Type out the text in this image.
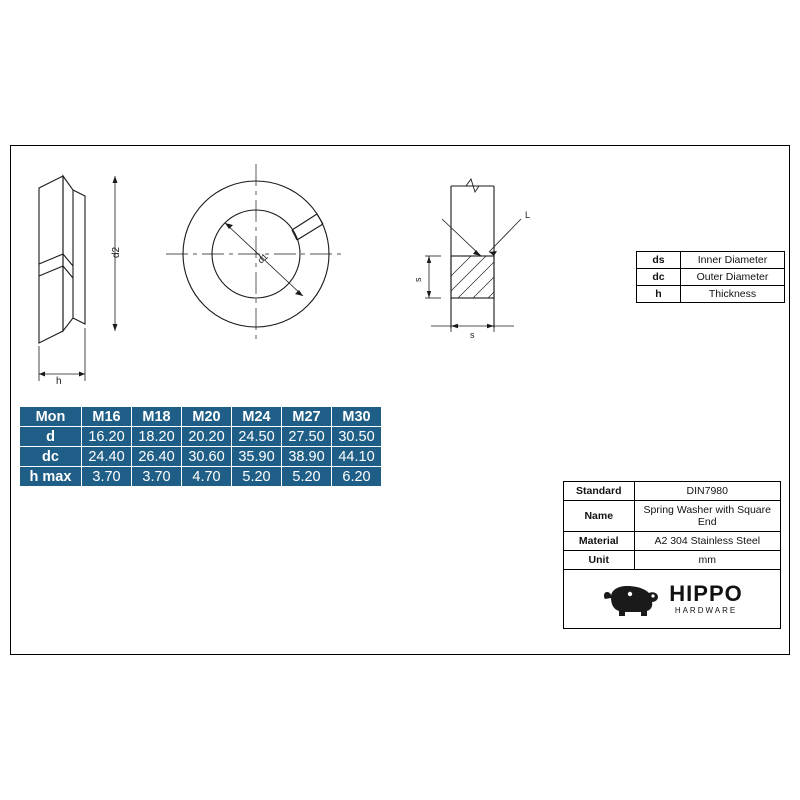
h
d2	d1
s
s
L
ds	Inner Diameter
dc	Outer Diameter
h	Thickness
Mon	M16	M18	M20	M24	M27	M30
d	16.20	18.20	20.20	24.50	27.50	30.50
dc	24.40	26.40	30.60	35.90	38.90	44.10
h max	3.70	3.70	4.70	5.20	5.20	6.20
Standard	DIN7980
Name	Spring Washer with Square End
Material	A2 304 Stainless Steel
Unit	mm

HIPPO
HARDWARE	
